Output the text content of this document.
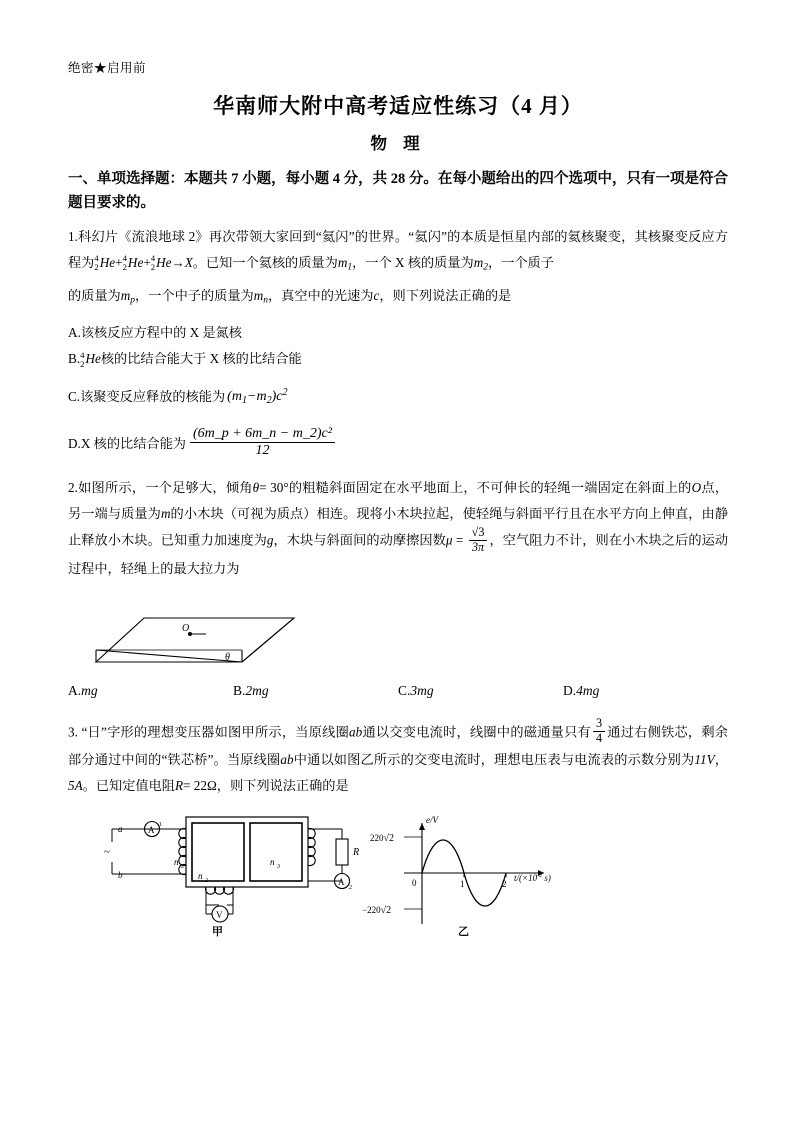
绝密★启用前
华南师大附中高考适应性练习（4 月）
物 理
一、单项选择题：本题共 7 小题，每小题 4 分，共 28 分。在每小题给出的四个选项中，只有一项是符合题目要求的。
1.科幻片《流浪地球 2》再次带领大家回到“氦闪”的世界。“氦闪”的本质是恒星内部的氦核聚变，其核聚变反应方程为 4
2 He+ 4
2 He+ 4
2 He→X。已知一个氦核的质量为$m_1$，一个 X 核的质量为$m_2$，一个质子
的质量为$m_p$，一个中子的质量为$m_n$，真空中的光速为c，则下列说法正确的是
A.该核反应方程中的 X 是氮核
B. 4
2 He核的比结合能大于 X 核的比结合能
C.该聚变反应释放的核能为 $(m_1-m_2)c^2$
D.X 核的比结合能为 $\frac{\text{(6m\_p + 6m\_n − m\_2)c²}}{12}$
2.如图所示，一个足够大，倾角θ= 30°的粗糙斜面固定在水平地面上，不可伸长的轻绳一端固定在斜面上的O点，另一端与质量为m的小木块（可视为质点）相连。现将小木块拉起，使轻绳与斜面平行且在水平方向上伸直，由静止释放小木块。已知重力加速度为g，木块与斜面间的动摩擦因数$\mu = \frac{√3}{3\pi}$ ，空气阻力不计，则在小木块之后的运动过程中，轻绳上的最大拉力为
O
θ
A.mg	B.2mg	C.3mg	D.4mg
3. “日”字形的理想变压器如图甲所示，当原线圈ab通以交变电流时，线圈中的磁通量只有 $\frac{3}{4}$ 通过右侧铁芯，剩余部分通过中间的“铁芯桥”。当原线圈ab中通以如图乙所示的交变电流时，理想电压表与电流表的示数分别为11V，5A。已知定值电阻R= 22Ω，则下列说法正确的是
A 1
a
b
~
n 2
V
n 2
n 3
R
A
2
甲
e/V
220√2
−220√2
0	1	2
$t/(\times 10^{-2}$ s)
乙
